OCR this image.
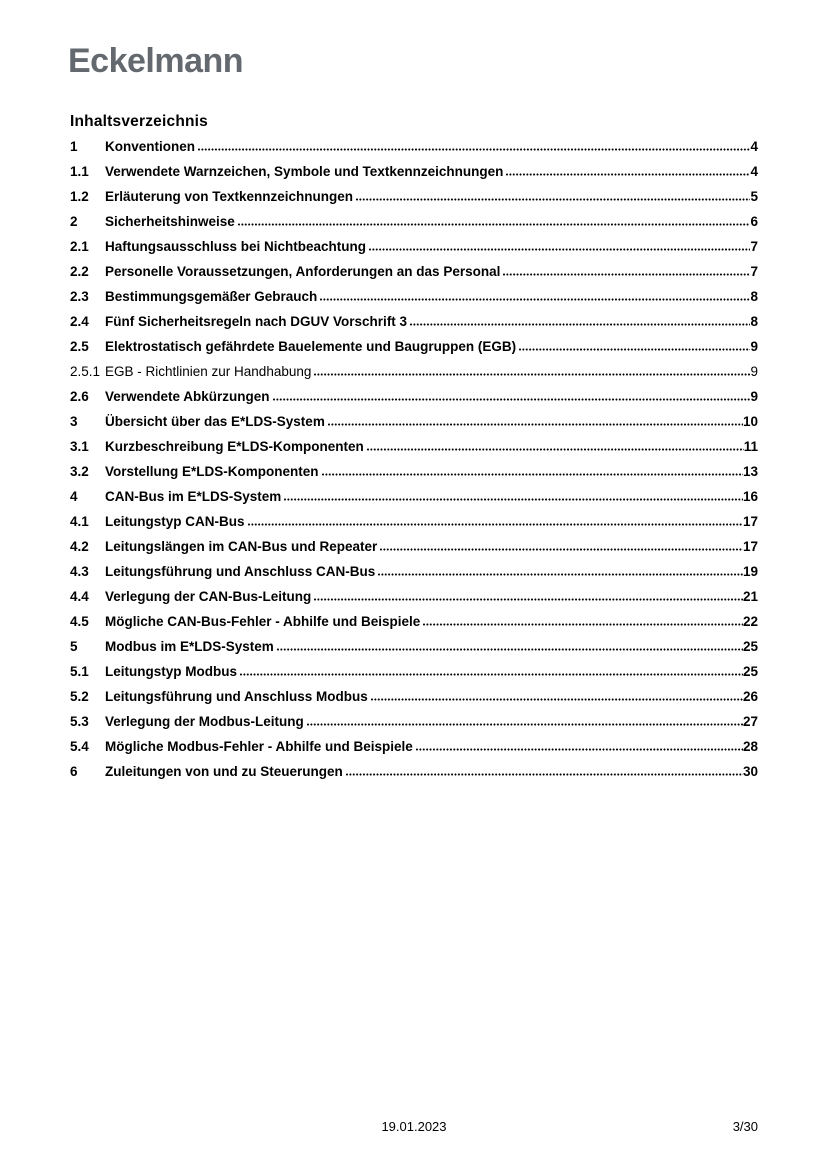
Eckelmann
Inhaltsverzeichnis
1	Konventionen	4
1.1	Verwendete Warnzeichen, Symbole und Textkennzeichnungen	4
1.2	Erläuterung von Textkennzeichnungen	5
2	Sicherheitshinweise	6
2.1	Haftungsausschluss bei Nichtbeachtung	7
2.2	Personelle Voraussetzungen, Anforderungen an das Personal	7
2.3	Bestimmungsgemäßer Gebrauch	8
2.4	Fünf Sicherheitsregeln nach DGUV Vorschrift 3	8
2.5	Elektrostatisch gefährdete Bauelemente und Baugruppen (EGB)	9
2.5.1 EGB - Richtlinien zur Handhabung	9
2.6	Verwendete Abkürzungen	9
3	Übersicht über das E*LDS-System	10
3.1	Kurzbeschreibung E*LDS-Komponenten	11
3.2	Vorstellung E*LDS-Komponenten	13
4	CAN-Bus im E*LDS-System	16
4.1	Leitungstyp CAN-Bus	17
4.2	Leitungslängen im CAN-Bus und Repeater	17
4.3	Leitungsführung und Anschluss CAN-Bus	19
4.4	Verlegung der CAN-Bus-Leitung	21
4.5	Mögliche CAN-Bus-Fehler - Abhilfe und Beispiele	22
5	Modbus im E*LDS-System	25
5.1	Leitungstyp Modbus	25
5.2	Leitungsführung und Anschluss Modbus	26
5.3	Verlegung der Modbus-Leitung	27
5.4	Mögliche Modbus-Fehler - Abhilfe und Beispiele	28
6	Zuleitungen von und zu Steuerungen	30
19.01.2023	3/30
